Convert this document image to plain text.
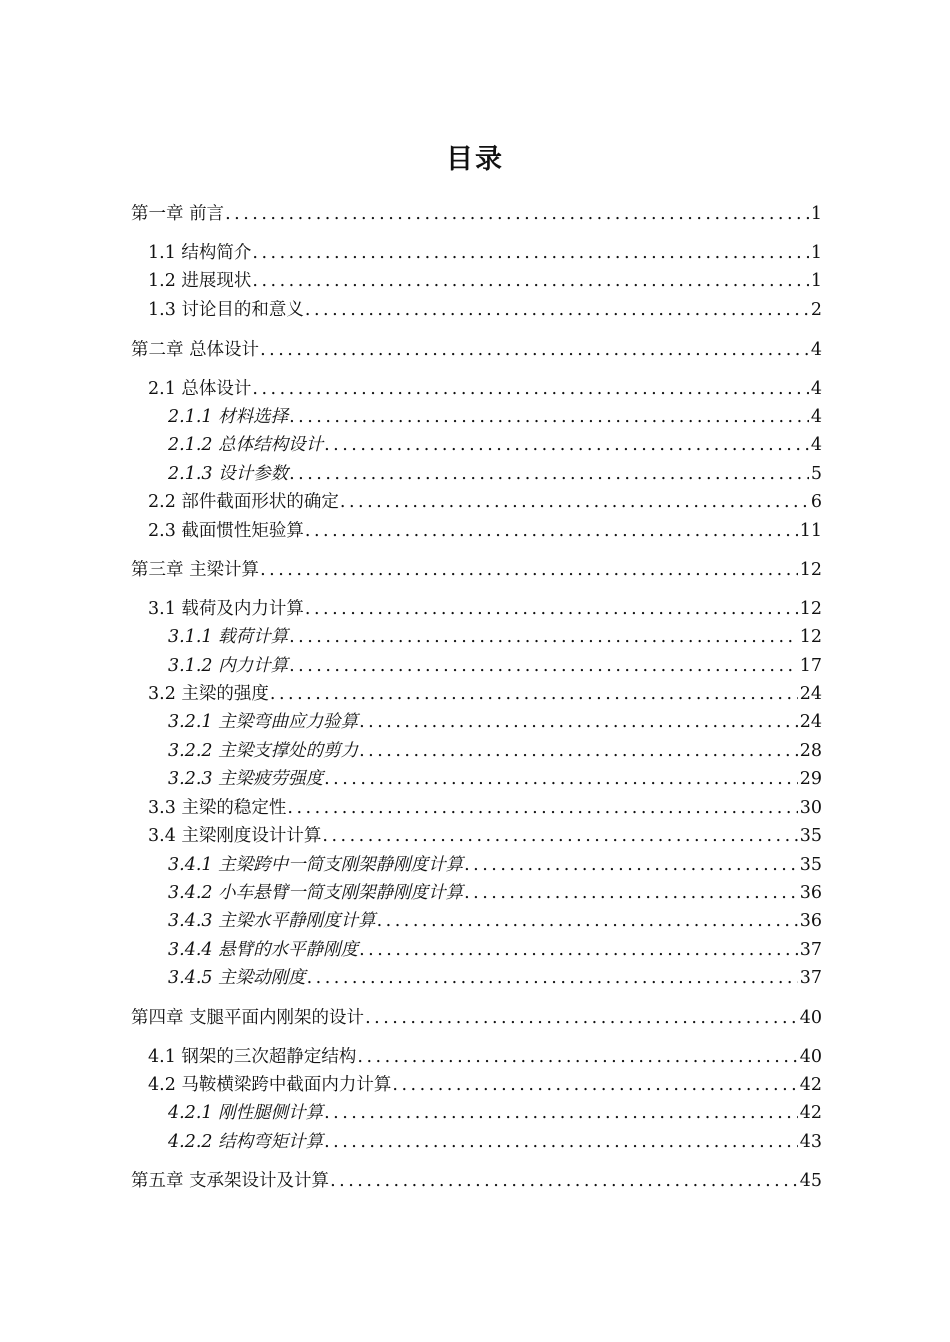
目录
第一章 前言 .....	1
1.1 结构简介 .....	1
1.2 进展现状 .....	1
1.3 讨论目的和意义 .....	2
第二章 总体设计 .....	4
2.1 总体设计 .....	4
2.1.1 材料选择 .....	4
2.1.2 总体结构设计 .....	4
2.1.3 设计参数 .....	5
2.2 部件截面形状的确定 .....	6
2.3 截面惯性矩验算 .....	11
第三章 主梁计算 .....	12
3.1 载荷及内力计算 .....	12
3.1.1 载荷计算 .....	12
3.1.2 内力计算 .....	17
3.2 主梁的强度 .....	24
3.2.1 主梁弯曲应力验算 .....	24
3.2.2 主梁支撑处的剪力 .....	28
3.2.3 主梁疲劳强度 .....	29
3.3 主梁的稳定性 .....	30
3.4 主梁刚度设计计算 .....	35
3.4.1 主梁跨中一简支刚架静刚度计算 .....	35
3.4.2 小车悬臂一简支刚架静刚度计算 .....	36
3.4.3 主梁水平静刚度计算 .....	36
3.4.4 悬臂的水平静刚度 .....	37
3.4.5 主梁动刚度 .....	37
第四章 支腿平面内刚架的设计 .....	40
4.1 钢架的三次超静定结构 .....	40
4.2 马鞍横梁跨中截面内力计算 .....	42
4.2.1 刚性腿侧计算 .....	42
4.2.2 结构弯矩计算 .....	43
第五章 支承架设计及计算 .....	45
